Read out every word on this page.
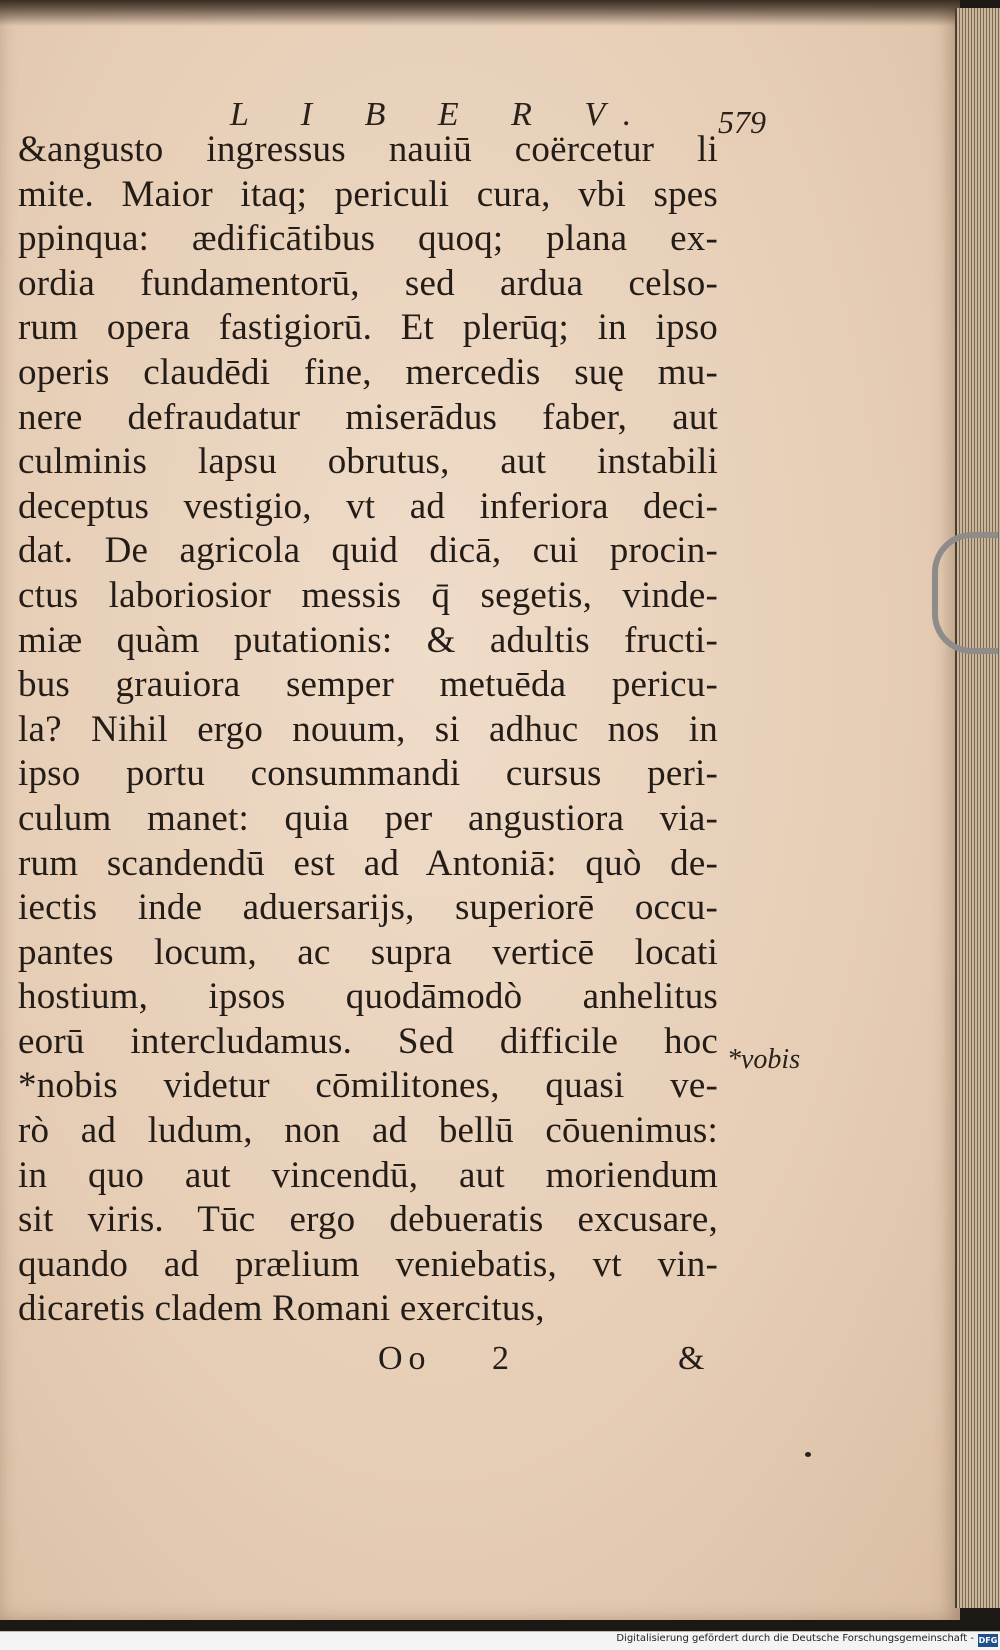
L I B E R V. 579
&angusto ingressus nauiū coërcetur li
mite. Maior itaq; periculi cura, vbi spes
ppinqua: ædificātibus quoq; plana ex-
ordia fundamentorū, sed ardua celso-
rum opera fastigiorū. Et plerūq; in ipso
operis claudēdi fine, mercedis suę mu-
nere defraudatur miserādus faber, aut
culminis lapsu obrutus, aut instabili
deceptus vestigio, vt ad inferiora deci-
dat. De agricola quid dicā, cui procin-
ctus laboriosior messis q̄ segetis, vinde-
miæ quàm putationis: & adultis fructi-
bus grauiora semper metuēda pericu-
la? Nihil ergo nouum, si adhuc nos in
ipso portu consummandi cursus peri-
culum manet: quia per angustiora via-
rum scandendū est ad Antoniā: quò de-
iectis inde aduersarijs, superiorē occu-
pantes locum, ac supra verticē locati
hostium, ipsos quodāmodò anhelitus
eorū intercludamus. Sed difficile hoc
*nobis videtur cōmilitones, quasi ve-
rò ad ludum, non ad bellū cōuenimus:
in quo aut vincendū, aut moriendum
sit viris. Tūc ergo debueratis excusare,
quando ad prælium veniebatis, vt vin-
dicaretis cladem Romani exercitus,
*vobis
Oo 2	&
Digitalisierung gefördert durch die Deutsche Forschungsgemeinschaft - DFG
